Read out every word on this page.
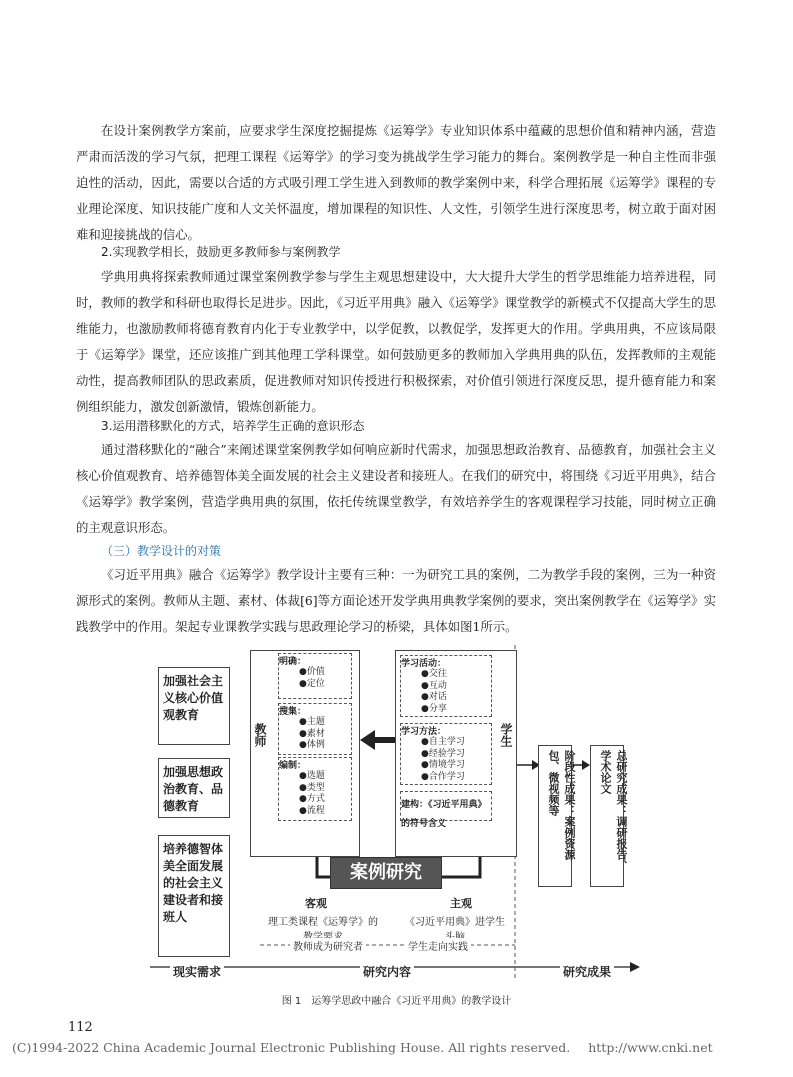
在设计案例教学方案前，应要求学生深度挖掘提炼《运筹学》专业知识体系中蕴藏的思想价值和精神内涵，营造严肃而活泼的学习气氛，把理工课程《运筹学》的学习变为挑战学生学习能力的舞台。案例教学是一种自主性而非强迫性的活动，因此，需要以合适的方式吸引理工学生进入到教师的教学案例中来，科学合理拓展《运筹学》课程的专业理论深度、知识技能广度和人文关怀温度，增加课程的知识性、人文性，引领学生进行深度思考，树立敢于面对困难和迎接挑战的信心。

2.实现教学相长，鼓励更多教师参与案例教学

学典用典将探索教师通过课堂案例教学参与学生主观思想建设中，大大提升大学生的哲学思维能力培养进程，同时，教师的教学和科研也取得长足进步。因此，《习近平用典》融入《运筹学》课堂教学的新模式不仅提高大学生的思维能力，也激励教师将德育教育内化于专业教学中，以学促教，以教促学，发挥更大的作用。学典用典，不应该局限于《运筹学》课堂，还应该推广到其他理工学科课堂。如何鼓励更多的教师加入学典用典的队伍，发挥教师的主观能动性，提高教师团队的思政素质，促进教师对知识传授进行积极探索，对价值引领进行深度反思，提升德育能力和案例组织能力，激发创新激情，锻炼创新能力。

3.运用潜移默化的方式，培养学生正确的意识形态

通过潜移默化的“融合”来阐述课堂案例教学如何响应新时代需求，加强思想政治教育、品德教育，加强社会主义核心价值观教育、培养德智体美全面发展的社会主义建设者和接班人。在我们的研究中，将围绕《习近平用典》，结合《运筹学》教学案例，营造学典用典的氛围，依托传统课堂教学，有效培养学生的客观课程学习技能，同时树立正确的主观意识形态。

（三）教学设计的对策

《习近平用典》融合《运筹学》教学设计主要有三种：一为研究工具的案例，二为教学手段的案例，三为一种资源形式的案例。教师从主题、素材、体裁[6]等方面论述开发学典用典教学案例的要求，突出案例教学在《运筹学》实践教学中的作用。架起专业课教学实践与思政理论学习的桥梁，具体如图1所示。

加强社会主义核心价值观教育
加强思想政治教育、品德教育
培养德智体美全面发展的社会主义建设者和接班人
教师
明确：
●价值
●定位
搜集：
●主题
●素材
●体例
编制：
●选题
●类型
●方式
●流程
学生
学习活动：
●交往
●互动
●对话
●分享
学习方法：
●自主学习
●经验学习
●情境学习
●合作学习
建构：《习近平用典》的符号含义
案例研究
客观	主观
理工类课程《运筹学》的	《习近平用典》进学生
教师成为研究者	学生走向实践
阶段性成果：案例资源包、微视频等	总研究成果：调研报告、学术论文
现实需求	研究内容	研究成果
图 1　运筹学思政中融合《习近平用典》的教学设计
112
(C)1994-2022 China Academic Journal Electronic Publishing House. All rights reserved. http://www.cnki.net
